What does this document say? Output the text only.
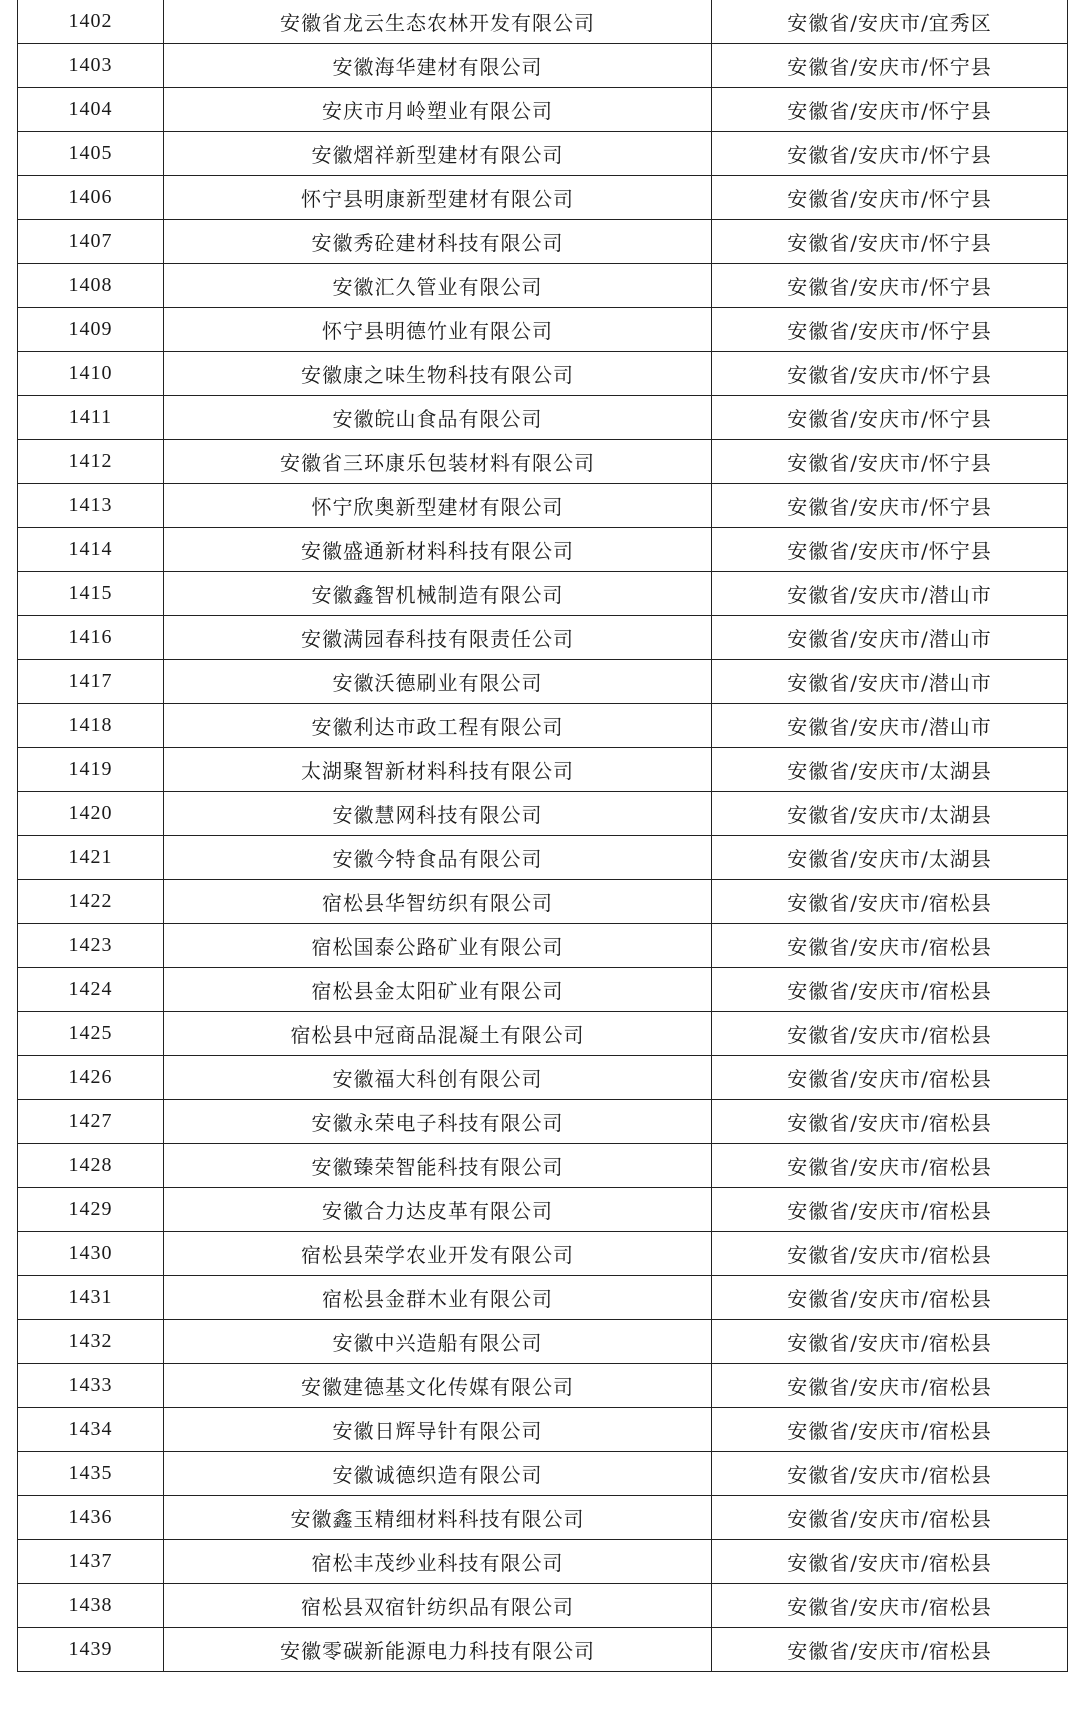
1402	安徽省龙云生态农林开发有限公司	安徽省/安庆市/宜秀区
1403	安徽海华建材有限公司	安徽省/安庆市/怀宁县
1404	安庆市月岭塑业有限公司	安徽省/安庆市/怀宁县
1405	安徽熠祥新型建材有限公司	安徽省/安庆市/怀宁县
1406	怀宁县明康新型建材有限公司	安徽省/安庆市/怀宁县
1407	安徽秀砼建材科技有限公司	安徽省/安庆市/怀宁县
1408	安徽汇久管业有限公司	安徽省/安庆市/怀宁县
1409	怀宁县明德竹业有限公司	安徽省/安庆市/怀宁县
1410	安徽康之味生物科技有限公司	安徽省/安庆市/怀宁县
1411	安徽皖山食品有限公司	安徽省/安庆市/怀宁县
1412	安徽省三环康乐包装材料有限公司	安徽省/安庆市/怀宁县
1413	怀宁欣奥新型建材有限公司	安徽省/安庆市/怀宁县
1414	安徽盛通新材料科技有限公司	安徽省/安庆市/怀宁县
1415	安徽鑫智机械制造有限公司	安徽省/安庆市/潜山市
1416	安徽满园春科技有限责任公司	安徽省/安庆市/潜山市
1417	安徽沃德刷业有限公司	安徽省/安庆市/潜山市
1418	安徽利达市政工程有限公司	安徽省/安庆市/潜山市
1419	太湖聚智新材料科技有限公司	安徽省/安庆市/太湖县
1420	安徽慧网科技有限公司	安徽省/安庆市/太湖县
1421	安徽今特食品有限公司	安徽省/安庆市/太湖县
1422	宿松县华智纺织有限公司	安徽省/安庆市/宿松县
1423	宿松国泰公路矿业有限公司	安徽省/安庆市/宿松县
1424	宿松县金太阳矿业有限公司	安徽省/安庆市/宿松县
1425	宿松县中冠商品混凝土有限公司	安徽省/安庆市/宿松县
1426	安徽福大科创有限公司	安徽省/安庆市/宿松县
1427	安徽永荣电子科技有限公司	安徽省/安庆市/宿松县
1428	安徽臻荣智能科技有限公司	安徽省/安庆市/宿松县
1429	安徽合力达皮革有限公司	安徽省/安庆市/宿松县
1430	宿松县荣学农业开发有限公司	安徽省/安庆市/宿松县
1431	宿松县金群木业有限公司	安徽省/安庆市/宿松县
1432	安徽中兴造船有限公司	安徽省/安庆市/宿松县
1433	安徽建德基文化传媒有限公司	安徽省/安庆市/宿松县
1434	安徽日辉导针有限公司	安徽省/安庆市/宿松县
1435	安徽诚德织造有限公司	安徽省/安庆市/宿松县
1436	安徽鑫玉精细材料科技有限公司	安徽省/安庆市/宿松县
1437	宿松丰茂纱业科技有限公司	安徽省/安庆市/宿松县
1438	宿松县双宿针纺织品有限公司	安徽省/安庆市/宿松县
1439	安徽零碳新能源电力科技有限公司	安徽省/安庆市/宿松县
